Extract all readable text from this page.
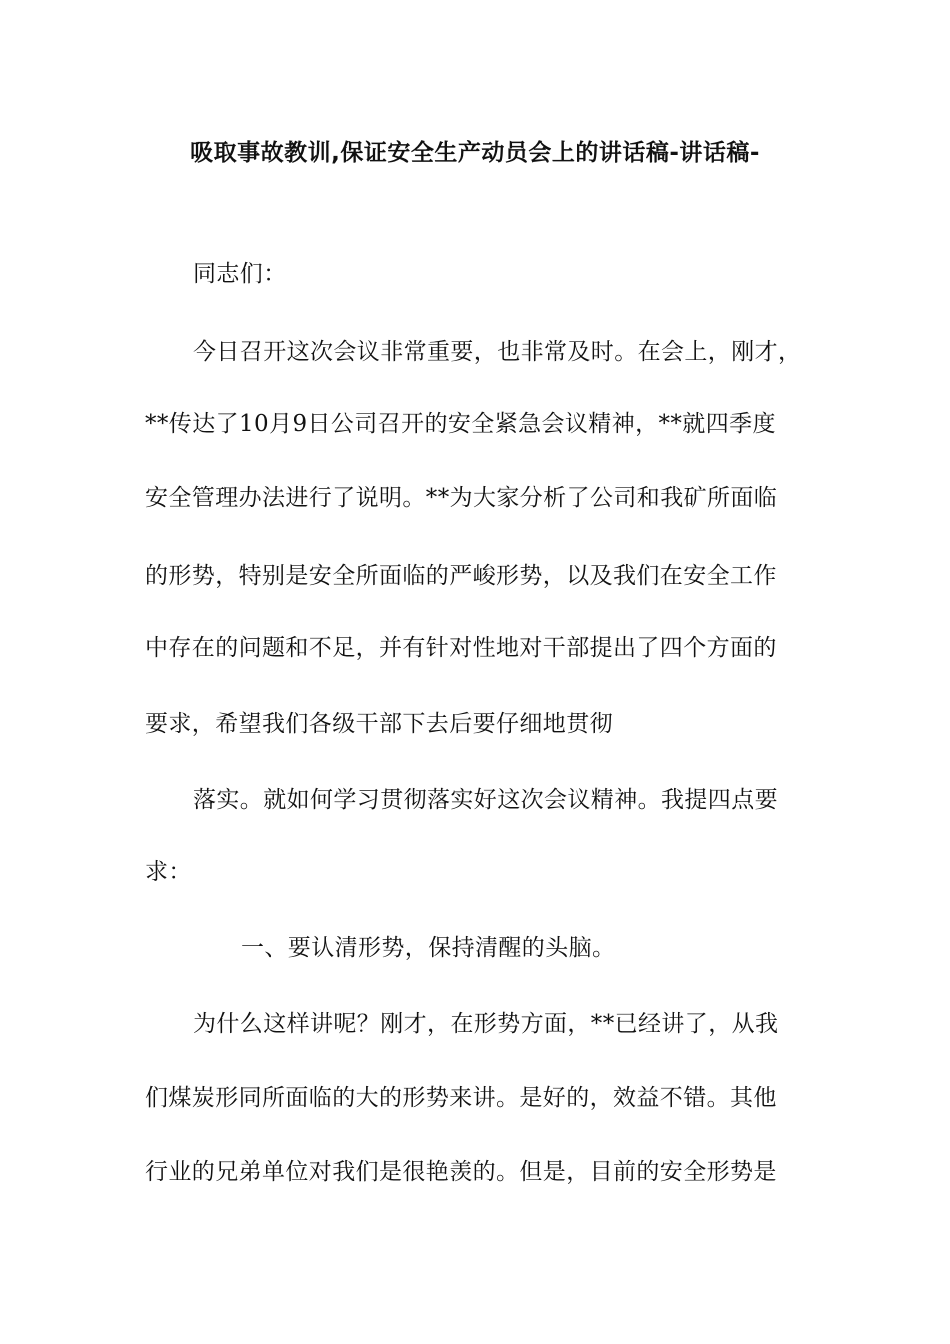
吸取事故教训,保证安全生产动员会上的讲话稿-讲话稿-
同志们：
今日召开这次会议非常重要，也非常及时。在会上，刚才，
**传达了10月9日公司召开的安全紧急会议精神，**就四季度
安全管理办法进行了说明。**为大家分析了公司和我矿所面临
的形势，特别是安全所面临的严峻形势，以及我们在安全工作
中存在的问题和不足，并有针对性地对干部提出了四个方面的
要求，希望我们各级干部下去后要仔细地贯彻
落实。就如何学习贯彻落实好这次会议精神。我提四点要
求：
一、要认清形势，保持清醒的头脑。
为什么这样讲呢？刚才，在形势方面，**已经讲了，从我
们煤炭形同所面临的大的形势来讲。是好的，效益不错。其他
行业的兄弟单位对我们是很艳羡的。但是，目前的安全形势是
